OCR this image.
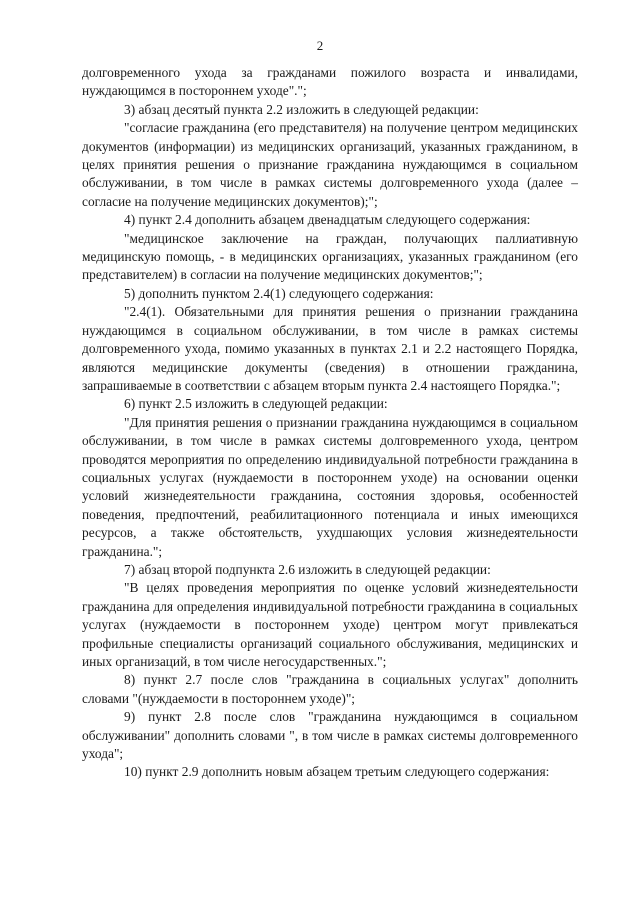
2

долговременного ухода за гражданами пожилого возраста и инвалидами, нуждающимся в постороннем уходе".";

3) абзац десятый пункта 2.2 изложить в следующей редакции:

"согласие гражданина (его представителя) на получение центром медицинских документов (информации) из медицинских организаций, указанных гражданином, в целях принятия решения о признание гражданина нуждающимся в социальном обслуживании, в том числе в рамках системы долговременного ухода (далее – согласие на получение медицинских документов);";

4) пункт 2.4 дополнить абзацем двенадцатым следующего содержания:

"медицинское заключение на граждан, получающих паллиативную медицинскую помощь, - в медицинских организациях, указанных гражданином (его представителем) в согласии на получение медицинских документов;";

5) дополнить пунктом 2.4(1) следующего содержания:

"2.4(1). Обязательными для принятия решения о признании гражданина нуждающимся в социальном обслуживании, в том числе в рамках системы долговременного ухода, помимо указанных в пунктах 2.1 и 2.2 настоящего Порядка, являются медицинские документы (сведения) в отношении гражданина, запрашиваемые в соответствии с абзацем вторым пункта 2.4 настоящего Порядка.";

6) пункт 2.5 изложить в следующей редакции:

"Для принятия решения о признании гражданина нуждающимся в социальном обслуживании, в том числе в рамках системы долговременного ухода, центром проводятся мероприятия по определению индивидуальной потребности гражданина в социальных услугах (нуждаемости в постороннем уходе) на основании оценки условий жизнедеятельности гражданина, состояния здоровья, особенностей поведения, предпочтений, реабилитационного потенциала и иных имеющихся ресурсов, а также обстоятельств, ухудшающих условия жизнедеятельности гражданина.";

7) абзац второй подпункта 2.6 изложить в следующей редакции:

"В целях проведения мероприятия по оценке условий жизнедеятельности гражданина для определения индивидуальной потребности гражданина в социальных услугах (нуждаемости в постороннем уходе) центром могут привлекаться профильные специалисты организаций социального обслуживания, медицинских и иных организаций, в том числе негосударственных.";

8) пункт 2.7 после слов "гражданина в социальных услугах" дополнить словами "(нуждаемости в постороннем уходе)";

9) пункт 2.8 после слов "гражданина нуждающимся в социальном обслуживании" дополнить словами ", в том числе в рамках системы долговременного ухода";

10) пункт 2.9 дополнить новым абзацем третьим следующего содержания:
